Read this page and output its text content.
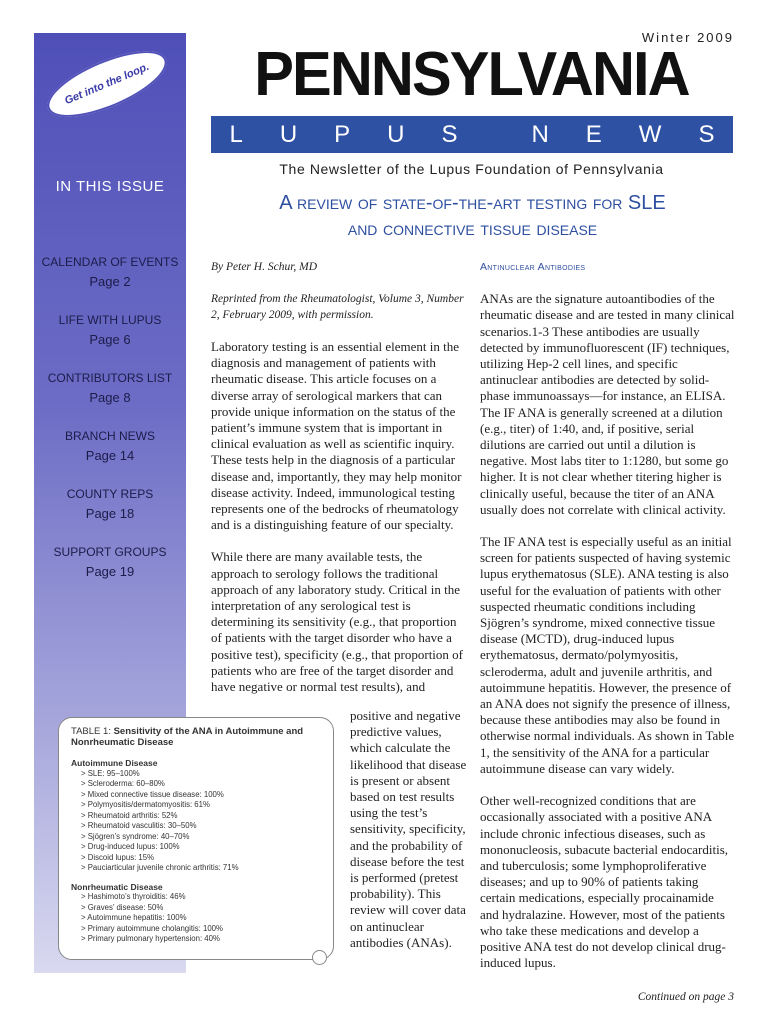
Get into the loop.
IN THIS ISSUE
CALENDAR OF EVENTS
Page 2
LIFE WITH LUPUS
Page 6
CONTRIBUTORS LIST
Page 8
BRANCH NEWS
Page 14
COUNTY REPS
Page 18
SUPPORT GROUPS
Page 19
Winter 2009
PENNSYLVANIA
L U P U S	N E W S
The Newsletter of the Lupus Foundation of Pennsylvania
A review of state-of-the-art testing for SLE
and connective tissue disease

By Peter H. Schur, MD

Reprinted from the Rheumatologist, Volume 3, Number 2, February 2009, with permission.

Laboratory testing is an essential element in the diagnosis and management of patients with rheumatic disease. This article focuses on a diverse array of serological markers that can provide unique information on the status of the patient’s immune system that is important in clinical evaluation as well as scientific inquiry. These tests help in the diagnosis of a particular disease and, importantly, they may help monitor disease activity. Indeed, immunological testing represents one of the bedrocks of rheumatology and is a distinguishing feature of our specialty.

While there are many available tests, the approach to serology follows the traditional approach of any laboratory study. Critical in the interpretation of any serological test is determining its sensitivity (e.g., that proportion of patients with the target disorder who have a positive test), specificity (e.g., that proportion of patients who are free of the target disorder and have negative or normal test results), and

positive and negative predictive values, which calculate the likelihood that disease is present or absent based on test results using the test’s sensitivity, specificity, and the probability of disease before the test is performed (pretest probability). This review will cover data on antinuclear antibodies (ANAs).

Antinuclear Antibodies

ANAs are the signature autoantibodies of the rheumatic disease and are tested in many clinical scenarios.1-3 These antibodies are usually detected by immunofluorescent (IF) techniques, utilizing Hep-2 cell lines, and specific antinuclear antibodies are detected by solid-phase immunoassays—for instance, an ELISA. The IF ANA is generally screened at a dilution (e.g., titer) of 1:40, and, if positive, serial dilutions are carried out until a dilution is negative. Most labs titer to 1:1280, but some go higher. It is not clear whether titering higher is clinically useful, because the titer of an ANA usually does not correlate with clinical activity.

The IF ANA test is especially useful as an initial screen for patients suspected of having systemic lupus erythematosus (SLE). ANA testing is also useful for the evaluation of patients with other suspected rheumatic conditions including Sjögren’s syndrome, mixed connective tissue disease (MCTD), drug-induced lupus erythematosus, dermato/polymyositis, scleroderma, adult and juvenile arthritis, and autoimmune hepatitis. However, the presence of an ANA does not signify the presence of illness, because these antibodies may also be found in otherwise normal individuals. As shown in Table 1, the sensitivity of the ANA for a particular autoimmune disease can vary widely.

Other well-recognized conditions that are occasionally associated with a positive ANA include chronic infectious diseases, such as mononucleosis, subacute bacterial endocarditis, and tuberculosis; some lymphoproliferative diseases; and up to 90% of patients taking certain medications, especially procainamide and hydralazine. However, most of the patients who take these medications and develop a positive ANA test do not develop clinical drug-induced lupus.

TABLE 1: Sensitivity of the ANA in Autoimmune and Nonrheumatic Disease
Autoimmune Disease
> SLE: 95–100%
> Scleroderma: 60–80%
> Mixed connective tissue disease: 100%
> Polymyositis/dermatomyositis: 61%
> Rheumatoid arthritis: 52%
> Rheumatoid vasculitis: 30–50%
> Sjögren’s syndrome: 40–70%
> Drug-induced lupus: 100%
> Discoid lupus: 15%
> Pauciarticular juvenile chronic arthritis: 71%
Nonrheumatic Disease
> Hashimoto’s thyroiditis: 46%
> Graves’ disease: 50%
> Autoimmune hepatitis: 100%
> Primary autoimmune cholangitis: 100%
> Primary pulmonary hypertension: 40%
Continued on page 3
